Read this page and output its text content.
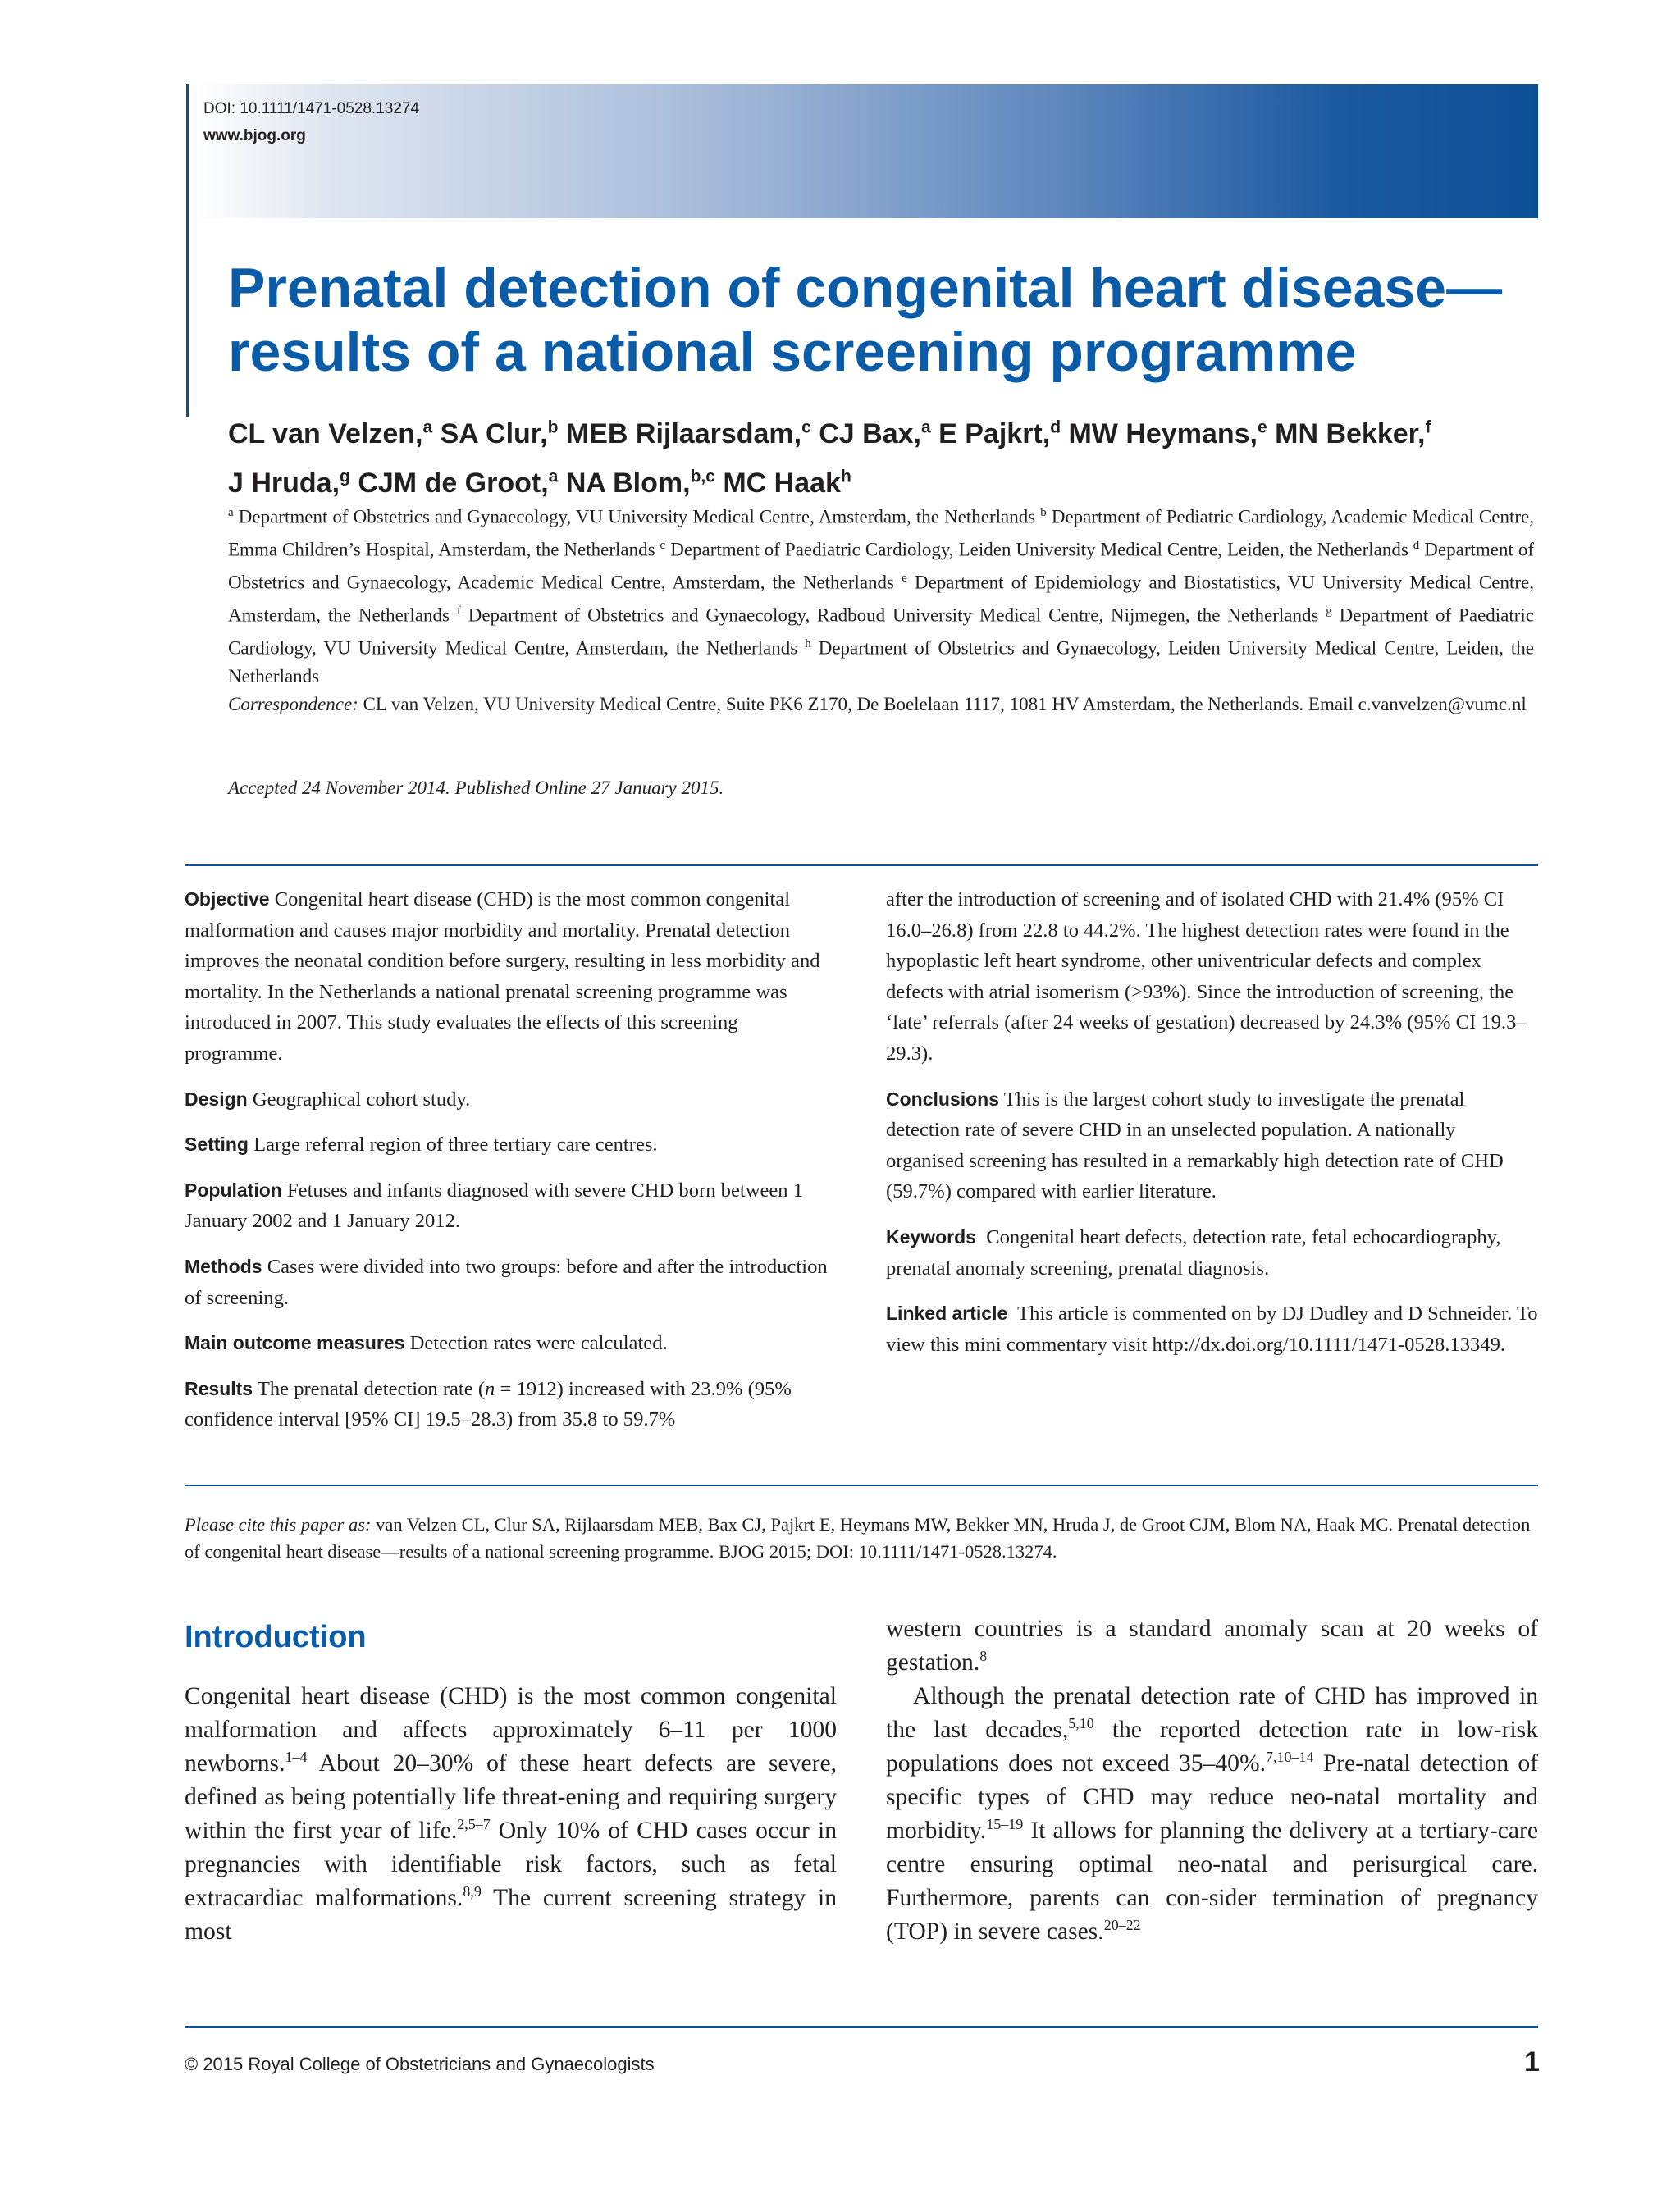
DOI: 10.1111/1471-0528.13274
www.bjog.org
Prenatal detection of congenital heart disease—
results of a national screening programme
CL van Velzen,$^a$ SA Clur,$^b$ MEB Rijlaarsdam,$^c$ CJ Bax,$^a$ E Pajkrt,$^d$ MW Heymans,$^e$ MN Bekker,$^f$
J Hruda,$^g$ CJM de Groot,$^a$ NA Blom,$^{b,c}$ MC Haak$^h$
$^a$ Department of Obstetrics and Gynaecology, VU University Medical Centre, Amsterdam, the Netherlands $^b$ Department of Pediatric Cardiology, Academic Medical Centre, Emma Children’s Hospital, Amsterdam, the Netherlands $^c$ Department of Paediatric Cardiology, Leiden University Medical Centre, Leiden, the Netherlands $^d$ Department of Obstetrics and Gynaecology, Academic Medical Centre, Amsterdam, the Netherlands $^e$ Department of Epidemiology and Biostatistics, VU University Medical Centre, Amsterdam, the Netherlands $^f$ Department of Obstetrics and Gynaecology, Radboud University Medical Centre, Nijmegen, the Netherlands $^g$ Department of Paediatric Cardiology, VU University Medical Centre, Amsterdam, the Netherlands $^h$ Department of Obstetrics and Gynaecology, Leiden University Medical Centre, Leiden, the Netherlands
Correspondence: CL van Velzen, VU University Medical Centre, Suite PK6 Z170, De Boelelaan 1117, 1081 HV Amsterdam, the Netherlands. Email c.vanvelzen@vumc.nl
Accepted 24 November 2014. Published Online 27 January 2015.

Objective Congenital heart disease (CHD) is the most common congenital malformation and causes major morbidity and mortality. Prenatal detection improves the neonatal condition before surgery, resulting in less morbidity and mortality. In the Netherlands a national prenatal screening programme was introduced in 2007. This study evaluates the effects of this screening programme.

Design Geographical cohort study.

Setting Large referral region of three tertiary care centres.

Population Fetuses and infants diagnosed with severe CHD born between 1 January 2002 and 1 January 2012.

Methods Cases were divided into two groups: before and after the introduction of screening.

Main outcome measures Detection rates were calculated.

Results The prenatal detection rate (n = 1912) increased with 23.9% (95% confidence interval [95% CI] 19.5–28.3) from 35.8 to 59.7%

after the introduction of screening and of isolated CHD with 21.4% (95% CI 16.0–26.8) from 22.8 to 44.2%. The highest detection rates were found in the hypoplastic left heart syndrome, other univentricular defects and complex defects with atrial isomerism (>93%). Since the introduction of screening, the ‘late’ referrals (after 24 weeks of gestation) decreased by 24.3% (95% CI 19.3–29.3).

Conclusions This is the largest cohort study to investigate the prenatal detection rate of severe CHD in an unselected population. A nationally organised screening has resulted in a remarkably high detection rate of CHD (59.7%) compared with earlier literature.

Keywords Congenital heart defects, detection rate, fetal echocardiography, prenatal anomaly screening, prenatal diagnosis.

Linked article This article is commented on by DJ Dudley and D Schneider. To view this mini commentary visit http://dx.doi.org/10.1111/1471-0528.13349.

Please cite this paper as: van Velzen CL, Clur SA, Rijlaarsdam MEB, Bax CJ, Pajkrt E, Heymans MW, Bekker MN, Hruda J, de Groot CJM, Blom NA, Haak MC. Prenatal detection of congenital heart disease—results of a national screening programme. BJOG 2015; DOI: 10.1111/1471-0528.13274.
Introduction

Congenital heart disease (CHD) is the most common congenital malformation and affects approximately 6–11 per 1000 newborns.$^{1-4}$ About 20–30% of these heart defects are severe, defined as being potentially life threat-ening and requiring surgery within the first year of life.$^{2,5-7}$ Only 10% of CHD cases occur in pregnancies with identifiable risk factors, such as fetal extracardiac malformations.$^{8,9}$ The current screening strategy in most

western countries is a standard anomaly scan at 20 weeks of gestation.$^8$

Although the prenatal detection rate of CHD has improved in the last decades,$^{5,10}$ the reported detection rate in low-risk populations does not exceed 35–40%.$^{7,10-14}$ Pre-natal detection of specific types of CHD may reduce neo-natal mortality and morbidity.$^{15-19}$ It allows for planning the delivery at a tertiary-care centre ensuring optimal neo-natal and perisurgical care. Furthermore, parents can con-sider termination of pregnancy (TOP) in severe cases.$^{20-22}$

© 2015 Royal College of Obstetricians and Gynaecologists	1
